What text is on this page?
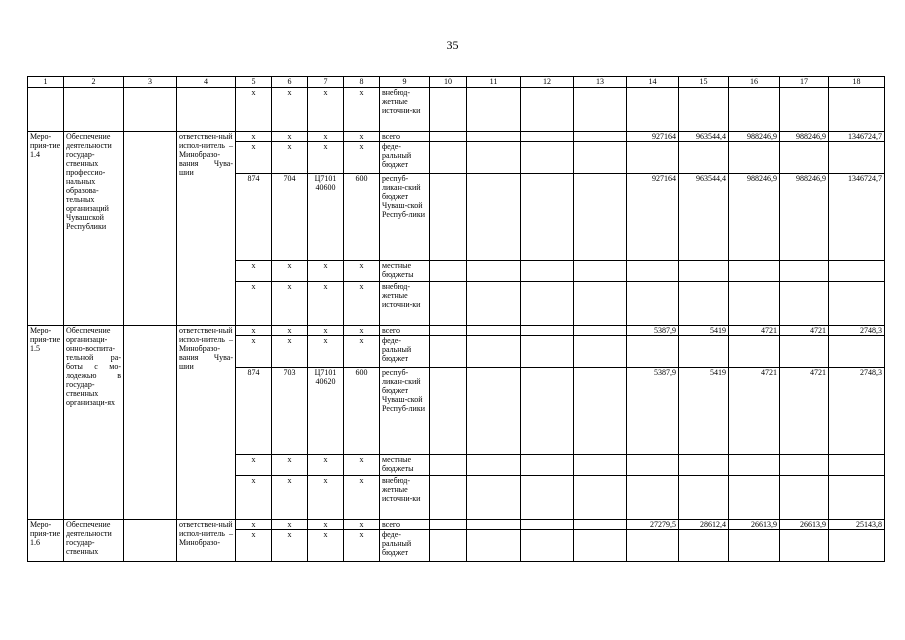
35
1	2	3	4	5	6	7	8	9	10	11	12	13	14	15	16	17	18
				х	х	х	х	внебюд-жетные источни-ки									
Меро-прия-тие 1.4	Обеспечение деятельности государ-ственных профессио-нальных образова-тельных организаций Чувашской Республики		ответствен-ный испол-нитель – Минобразо-вания Чува-шии	х	х	х	х	всего					927164	963544,4	988246,9	988246,9	1346724,7
				х	х	х	х	феде-ральный бюджет									
				874	704	Ц7101 40600	600	респуб-ликан-ский бюджет Чуваш-ской Респуб-лики					927164	963544,4	988246,9	988246,9	1346724,7
				х	х	х	х	местные бюджеты									
				х	х	х	х	внебюд-жетные источни-ки									
Меро-прия-тие 1.5	Обеспечение организаци-онно-воспита-тельной ра-боты с мо-лодежью в государ-ственных организаци-ях		ответствен-ный испол-нитель – Минобразо-вания Чува-шии	х	х	х	х	всего					5387,9	5419	4721	4721	2748,3
				х	х	х	х	феде-ральный бюджет									
				874	703	Ц7101 40620	600	респуб-ликан-ский бюджет Чуваш-ской Респуб-лики					5387,9	5419	4721	4721	2748,3
				х	х	х	х	местные бюджеты									
				х	х	х	х	внебюд-жетные источни-ки									
Меро-прия-тие 1.6	Обеспечение деятельности государ-ственных		ответствен-ный испол-нитель – Минобразо-	х	х	х	х	всего					27279,5	28612,4	26613,9	26613,9	25143,8
				х	х	х	х	феде-ральный бюджет									
